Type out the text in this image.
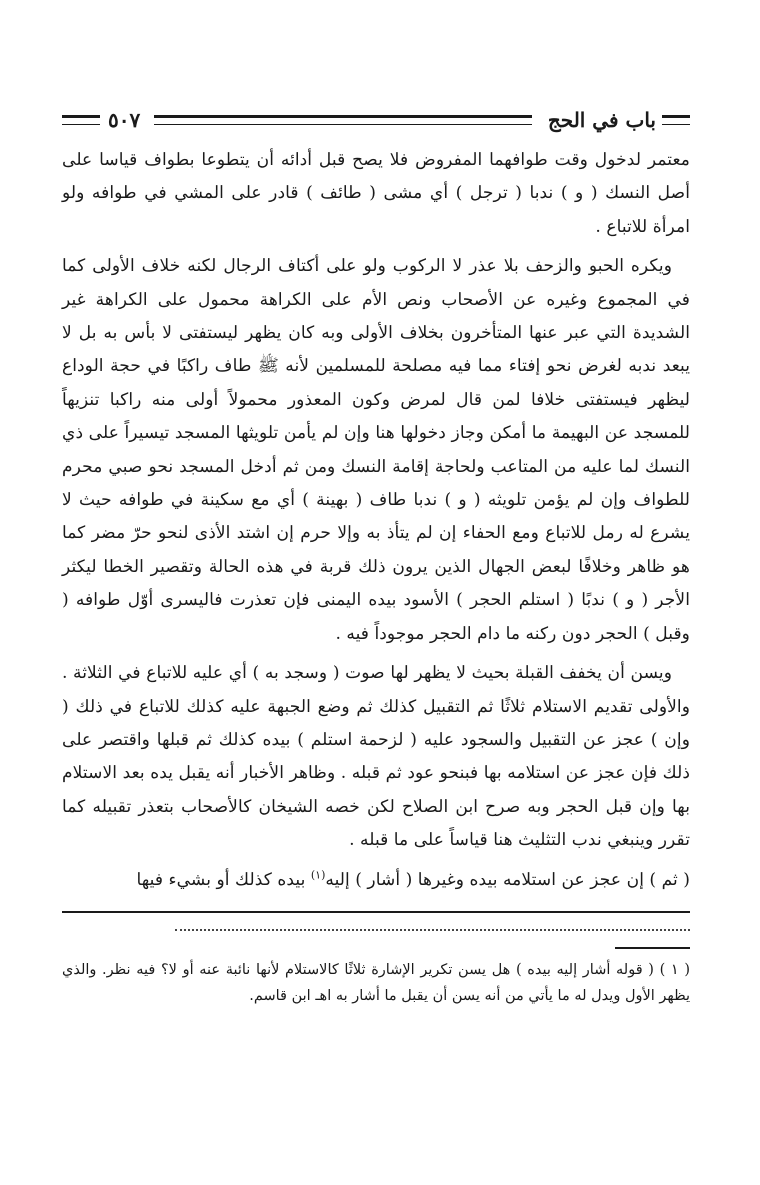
باب في الحج
٥٠٧

معتمر لدخول وقت طوافهما المفروض فلا يصح قبل أدائه أن يتطوعا بطواف قياسا على أصل النسك ( و ) ندبا ( ترجل ) أي مشى ( طائف ) قادر على المشي في طوافه ولو امرأة للاتباع .

ويكره الحبو والزحف بلا عذر لا الركوب ولو على أكتاف الرجال لكنه خلاف الأولى كما في المجموع وغيره عن الأصحاب ونص الأم على الكراهة محمول على الكراهة غير الشديدة التي عبر عنها المتأخرون بخلاف الأولى وبه كان يظهر ليستفتى لا بأس به بل لا يبعد ندبه لغرض نحو إفتاء مما فيه مصلحة للمسلمين لأنه ﷺ طاف راكبًا في حجة الوداع ليظهر فيستفتى خلافا لمن قال لمرض وكون المعذور محمولاً أولى منه راكبا تنزيهاً للمسجد عن البهيمة ما أمكن وجاز دخولها هنا وإن لم يأمن تلويثها المسجد تيسيراً على ذي النسك لما عليه من المتاعب ولحاجة إقامة النسك ومن ثم أدخل المسجد نحو صبي محرم للطواف وإن لم يؤمن تلويثه ( و ) ندبا طاف ( بهينة ) أي مع سكينة في طوافه حيث لا يشرع له رمل للاتباع ومع الحفاء إن لم يتأذ به وإلا حرم إن اشتد الأذى لنحو حرّ مضر كما هو ظاهر وخلافًا لبعض الجهال الذين يرون ذلك قربة في هذه الحالة وتقصير الخطا ليكثر الأجر ( و ) ندبًا ( استلم الحجر ) الأسود بيده اليمنى فإن تعذرت فاليسرى أوّل طوافه ( وقبل ) الحجر دون ركنه ما دام الحجر موجوداً فيه .

ويسن أن يخفف القبلة بحيث لا يظهر لها صوت ( وسجد به ) أي عليه للاتباع في الثلاثة . والأولى تقديم الاستلام ثلاثًا ثم التقبيل كذلك ثم وضع الجبهة عليه كذلك للاتباع في ذلك ( وإن ) عجز عن التقبيل والسجود عليه ( لزحمة استلم ) بيده كذلك ثم قبلها واقتصر على ذلك فإن عجز عن استلامه بها فبنحو عود ثم قبله . وظاهر الأخبار أنه يقبل يده بعد الاستلام بها وإن قبل الحجر وبه صرح ابن الصلاح لكن خصه الشيخان كالأصحاب بتعذر تقبيله كما تقرر وينبغي ندب التثليث هنا قياساً على ما قبله .

( ثم ) إن عجز عن استلامه بيده وغيرها ( أشار ) إليه$^{(١)}$ بيده كذلك أو بشيء فيها

( ١ ) ( قوله أشار إليه بيده ) هل يسن تكرير الإشارة ثلاثًا كالاستلام لأنها نائبة عنه أو لا؟ فيه نظر. والذي يظهر الأول ويدل له ما يأتي من أنه يسن أن يقبل ما أشار به اهـ ابن قاسم.
